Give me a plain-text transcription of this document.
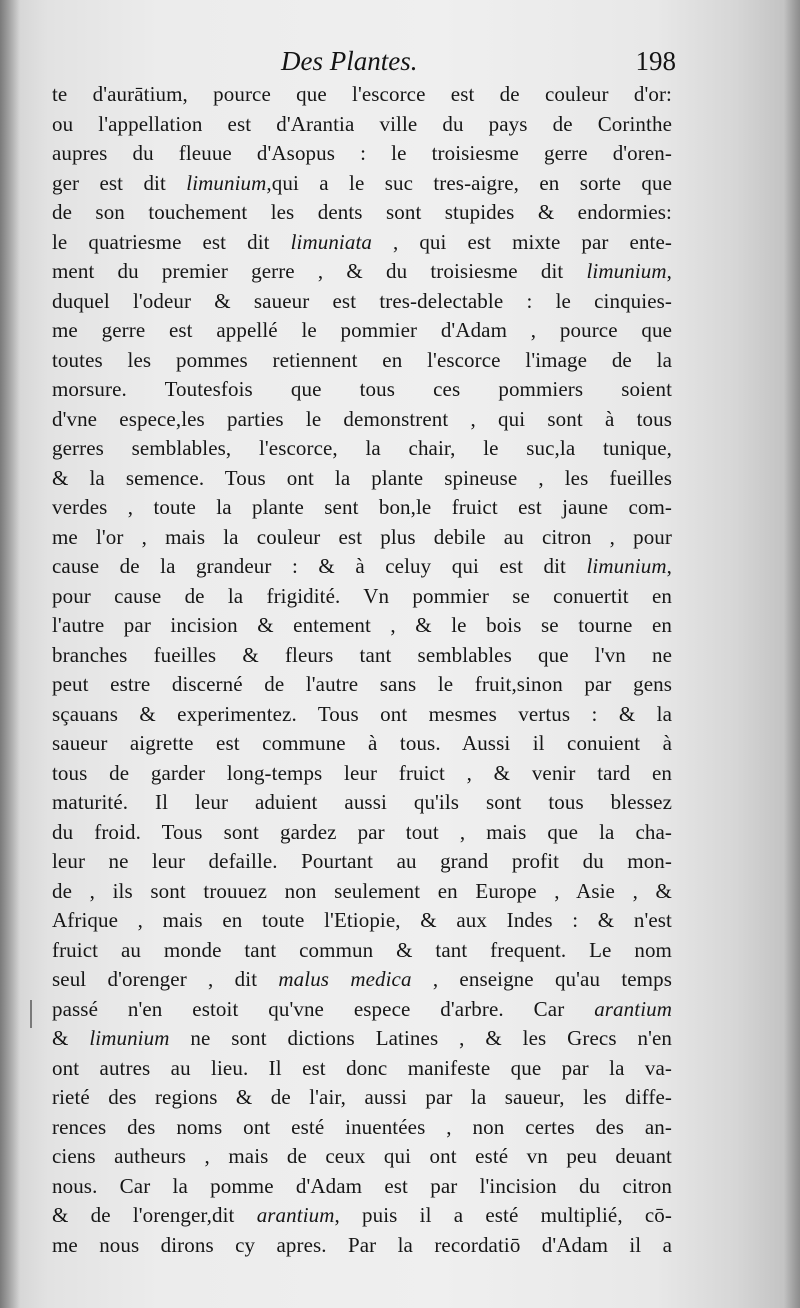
Des Plantes.	198
te d'aurātium, pource que l'escorce est de couleur d'or:
ou l'appellation est d'Arantia ville du pays de Corinthe
aupres du fleuue d'Asopus : le troisiesme gerre d'oren-
ger est dit limunium,qui a le suc tres-aigre, en sorte que
de son touchement les dents sont stupides & endormies:
le quatriesme est dit limuniata , qui est mixte par ente-
ment du premier gerre , & du troisiesme dit limunium,
duquel l'odeur & saueur est tres-delectable : le cinquies-
me gerre est appellé le pommier d'Adam , pource que
toutes les pommes retiennent en l'escorce l'image de la
morsure. Toutesfois que tous ces pommiers soient
d'vne espece,les parties le demonstrent , qui sont à tous
gerres semblables, l'escorce, la chair, le suc,la tunique,
& la semence. Tous ont la plante spineuse , les fueilles
verdes , toute la plante sent bon,le fruict est jaune com-
me l'or , mais la couleur est plus debile au citron , pour
cause de la grandeur : & à celuy qui est dit limunium,
pour cause de la frigidité. Vn pommier se conuertit en
l'autre par incision & entement , & le bois se tourne en
branches fueilles & fleurs tant semblables que l'vn ne
peut estre discerné de l'autre sans le fruit,sinon par gens
sçauans & experimentez. Tous ont mesmes vertus : & la
saueur aigrette est commune à tous. Aussi il conuient à
tous de garder long-temps leur fruict , & venir tard en
maturité. Il leur aduient aussi qu'ils sont tous blessez
du froid. Tous sont gardez par tout , mais que la cha-
leur ne leur defaille. Pourtant au grand profit du mon-
de , ils sont trouuez non seulement en Europe , Asie , &
Afrique , mais en toute l'Etiopie, & aux Indes : & n'est
fruict au monde tant commun & tant frequent. Le nom
seul d'orenger , dit malus medica , enseigne qu'au temps
passé n'en estoit qu'vne espece d'arbre. Car arantium
& limunium ne sont dictions Latines , & les Grecs n'en
ont autres au lieu. Il est donc manifeste que par la va-
rieté des regions & de l'air, aussi par la saueur, les diffe-
rences des noms ont esté inuentées , non certes des an-
ciens autheurs , mais de ceux qui ont esté vn peu deuant
nous. Car la pomme d'Adam est par l'incision du citron
& de l'orenger,dit arantium, puis il a esté multiplié, cō-
me nous dirons cy apres. Par la recordatiō d'Adam il a
